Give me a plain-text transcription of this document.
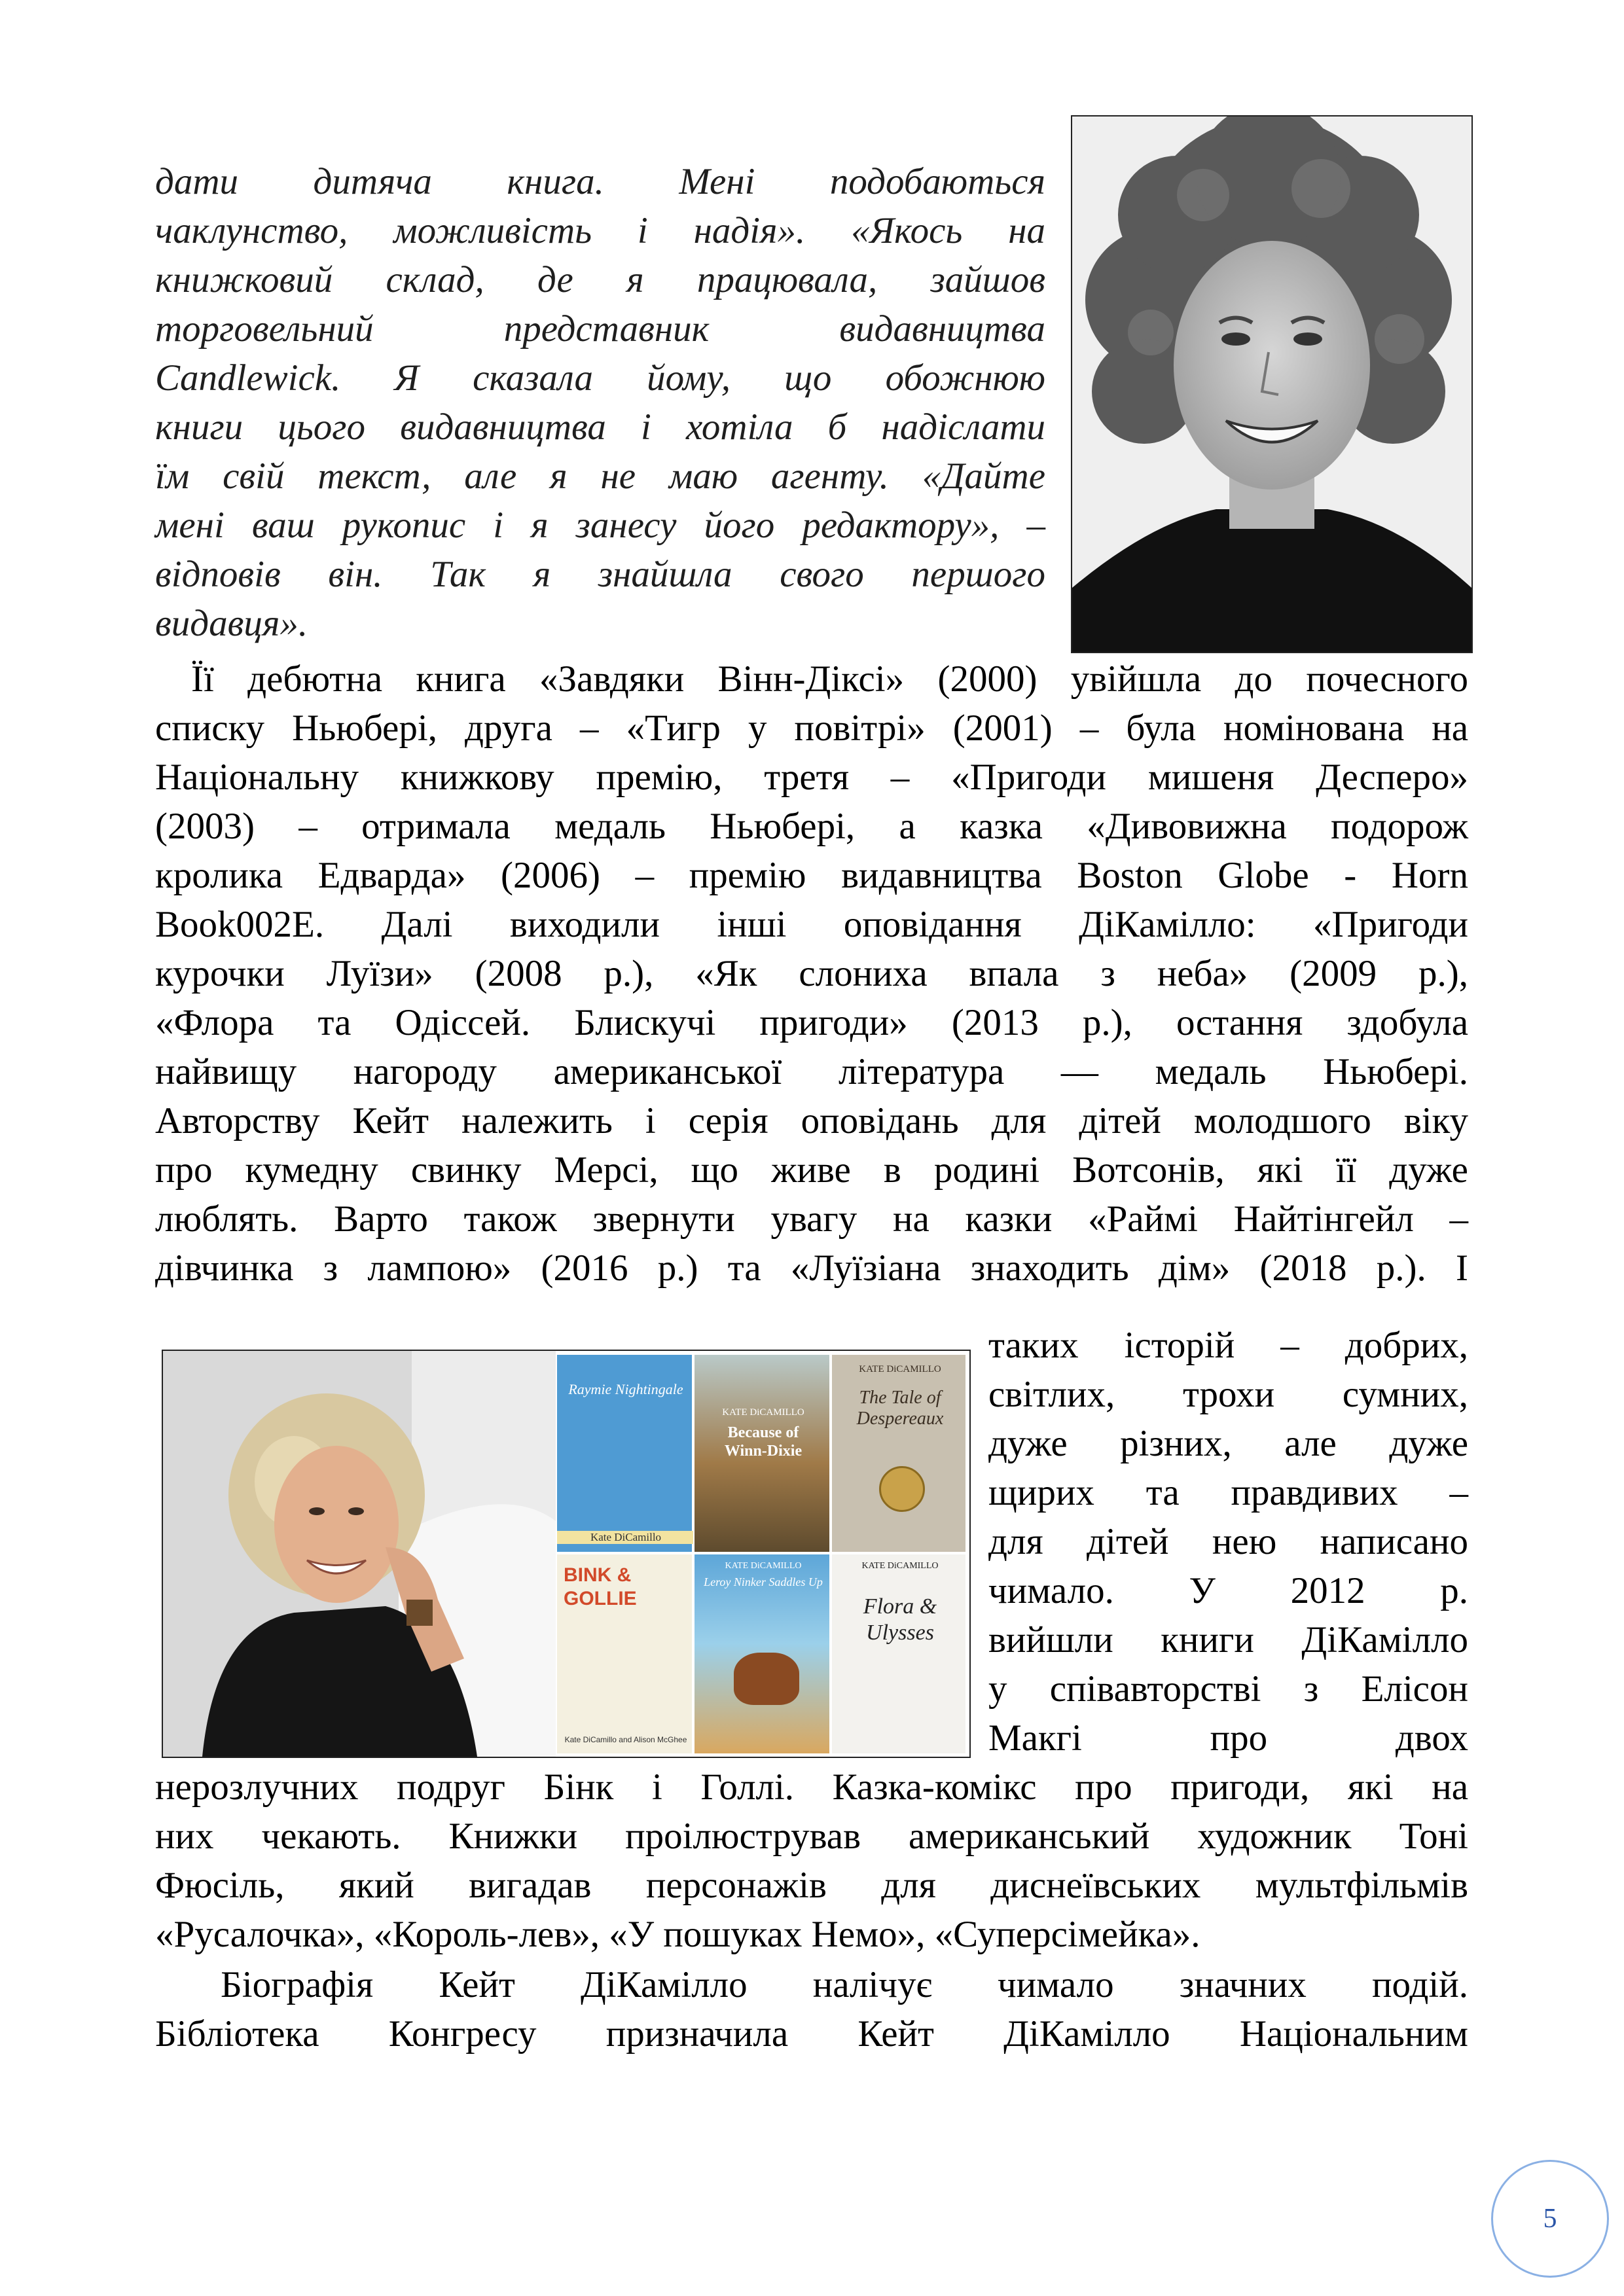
дати дитяча книга. Мені подобаються
чаклунство, можливість і надія». «Якось на
книжковий склад, де я працювала, зайшов
торговельний представник видавництва
Candlewick. Я сказала йому, що обожнюю
книги цього видавництва і хотіла б надіслати
їм свій текст, але я не маю агенту. «Дайте
мені ваш рукопис і я занесу його редактору», –
відповів він. Так я знайшла свого першого
видавця».
Її дебютна книга «Завдяки Вінн-Діксі» (2000) увійшла до почесного
списку Ньюбері, друга – «Тигр у повітрі» (2001) – була номінована на
Національну книжкову премію, третя – «Пригоди мишеня Десперо»
(2003) – отримала медаль Ньюбері, а казка «Дивовижна подорож
кролика Едварда» (2006) – премію видавництва Boston Globe - Horn
Book002E. Далі виходили інші оповідання ДіКамілло: «Пригоди
курочки Луїзи» (2008 р.), «Як слониха впала з неба» (2009 р.),
«Флора та Одіссей. Блискучі пригоди» (2013 р.), остання здобула
найвищу нагороду американської література — медаль Ньюбері.
Авторству Кейт належить і серія оповідань для дітей молодшого віку
про кумедну свинку Мерсі, що живе в родині Вотсонів, які її дуже
люблять. Варто також звернути увагу на казки «Раймі Найтінгейл –
дівчинка з лампою» (2016 р.) та «Луїзіана знаходить дім» (2018 р.). І
Raymie Nightingale
Kate DiCamillo
KATE DiCAMILLO
Because of Winn-Dixie
KATE DiCAMILLO
The Tale of Despereaux
BINK & GOLLIE
Kate DiCamillo and Alison McGhee
KATE DiCAMILLO
Leroy Ninker Saddles Up
KATE DiCAMILLO
Flora & Ulysses
таких історій – добрих,
світлих, трохи сумних,
дуже різних, але дуже
щирих та правдивих –
для дітей нею написано
чимало. У 2012 р.
вийшли книги ДіКамілло
у співавторстві з Елісон
Макгі про двох
нерозлучних подруг Бінк і Голлі. Казка-комікс про пригоди, які на
них чекають. Книжки проілюстрував американський художник Тоні
Фюсіль, який вигадав персонажів для диснеївських мультфільмів
«Русалочка», «Король-лев», «У пошуках Немо», «Суперсімейка».
Біографія Кейт ДіКамілло налічує чимало значних подій.
Бібліотека Конгресу призначила Кейт ДіКамілло Національним
5
